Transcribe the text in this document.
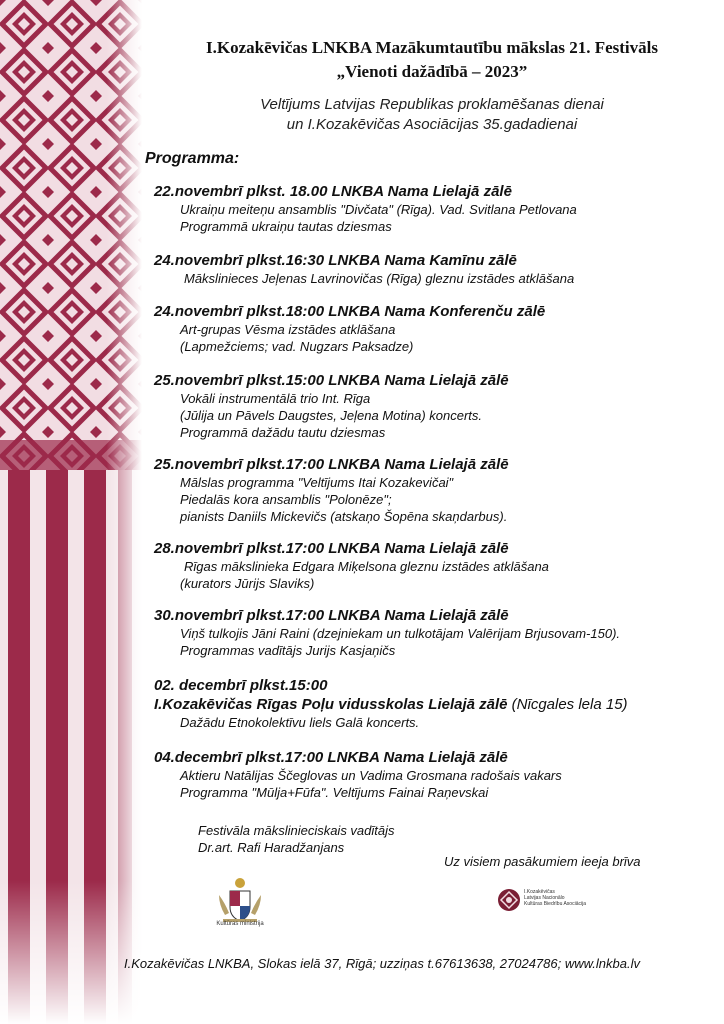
I.Kozakēvičas LNKBA Mazākumtautību mākslas 21. Festivāls
„Vienoti dažādībā – 2023”
Veltījums Latvijas Republikas proklamēšanas dienai
un I.Kozakēvičas Asociācijas 35.gadadienai
Programma:
22.novembrī plkst. 18.00 LNKBA Nama Lielajā zālē
Ukraiņu meiteņu ansamblis "Divčata" (Rīga). Vad. Svitlana Petlovana
Programmā ukraiņu tautas dziesmas
24.novembrī plkst.16:30 LNKBA Nama Kamīnu zālē
Mākslinieces Jeļenas Lavrinovičas (Rīga) gleznu izstādes atklāšana
24.novembrī plkst.18:00 LNKBA Nama Konferenču zālē
Art-grupas Vēsma izstādes atklāšana
(Lapmežciems; vad. Nugzars Paksadze)
25.novembrī plkst.15:00 LNKBA Nama Lielajā zālē
Vokāli instrumentālā trio Int. Rīga
(Jūlija un Pāvels Daugstes, Jeļena Motina) koncerts.
Programmā dažādu tautu dziesmas
25.novembrī plkst.17:00 LNKBA Nama Lielajā zālē
Mālslas programma "Veltījums Itai Kozakevičai"
Piedalās kora ansamblis "Polonēze";
pianists Daniils Mickevičs (atskaņo Šopēna skaņdarbus).
28.novembrī plkst.17:00 LNKBA Nama Lielajā zālē
Rīgas mākslinieka Edgara Miķelsona gleznu izstādes atklāšana
(kurators Jūrijs Slaviks)
30.novembrī plkst.17:00 LNKBA Nama Lielajā zālē
Viņš tulkojis Jāni Raini (dzejniekam un tulkotājam Valērijam Brjusovam-150).
Programmas vadītājs Jurijs Kasjaņičs
02. decembrī plkst.15:00
I.Kozakēvičas Rīgas Poļu vidusskolas Lielajā zālē (Nīcgales lela 15)
Dažādu Etnokolektīvu liels Galā koncerts.
04.decembrī plkst.17:00 LNKBA Nama Lielajā zālē
Aktieru Natālijas Ščeglovas un Vadima Grosmana radošais vakars
Programma "Mūlja+Fūfa". Veltījums Fainai Raņevskai
Festivāla mākslinieciskais vadītājs
Dr.art. Rafi Haradžanjans
Uz visiem pasākumiem ieeja brīva
Kultūras ministrija
I.Kozakēvičas
Latvijas Nacionālo
Kultūras Biedrību Asociācija
I.Kozakēvičas LNKBA, Slokas ielā 37, Rīgā; uzziņas t.67613638, 27024786; www.lnkba.lv
